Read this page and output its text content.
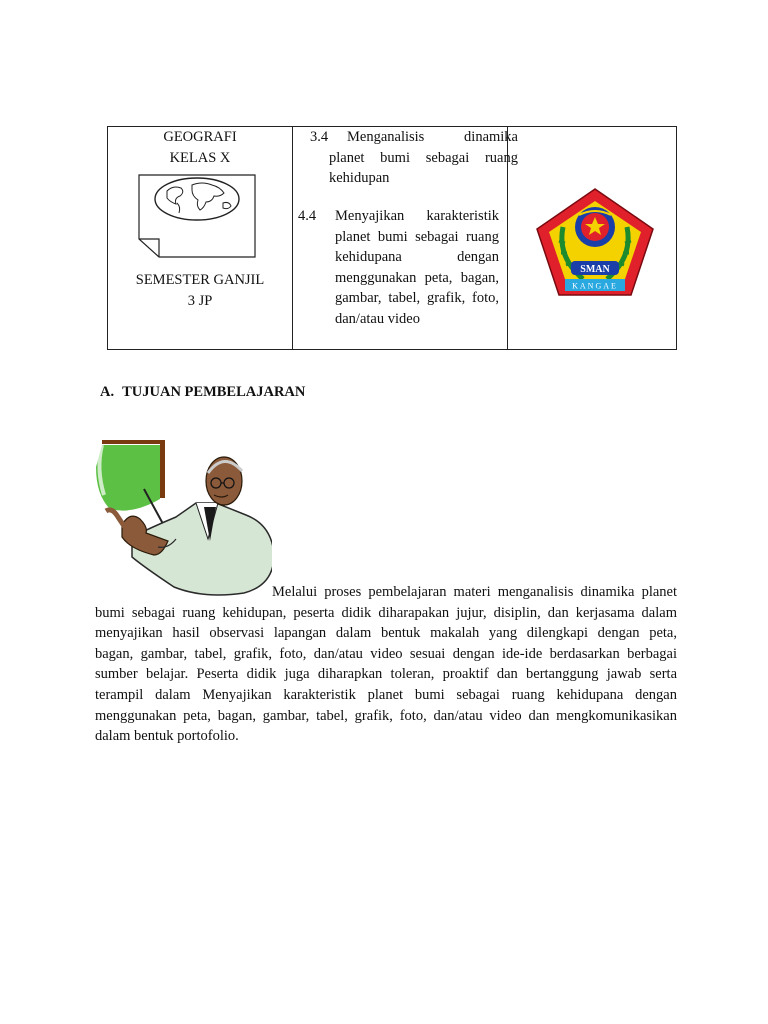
GEOGRAFI
KELAS X
SEMESTER GANJIL
3 JP
3.4 Menganalisis dinamika
planet bumi sebagai ruang
kehidupan
4.4 Menyajikan karakteristik
planet bumi sebagai ruang
kehidupana dengan
menggunakan peta, bagan,
gambar, tabel, grafik, foto,
dan/atau video
SMAN
KANGAE
A. TUJUAN PEMBELAJARAN
Melalui proses pembelajaran materi menganalisis dinamika planet
bumi sebagai ruang kehidupan, peserta didik diharapakan jujur, disiplin, dan kerjasama dalam
menyajikan hasil observasi lapangan dalam bentuk makalah yang dilengkapi dengan peta,
bagan, gambar, tabel, grafik, foto, dan/atau video sesuai dengan ide-ide berdasarkan berbagai
sumber belajar. Peserta didik juga diharapkan toleran, proaktif dan bertanggung jawab serta
terampil dalam Menyajikan karakteristik planet bumi sebagai ruang kehidupana dengan
menggunakan peta, bagan, gambar, tabel, grafik, foto, dan/atau video dan mengkomunikasikan
dalam bentuk portofolio.
